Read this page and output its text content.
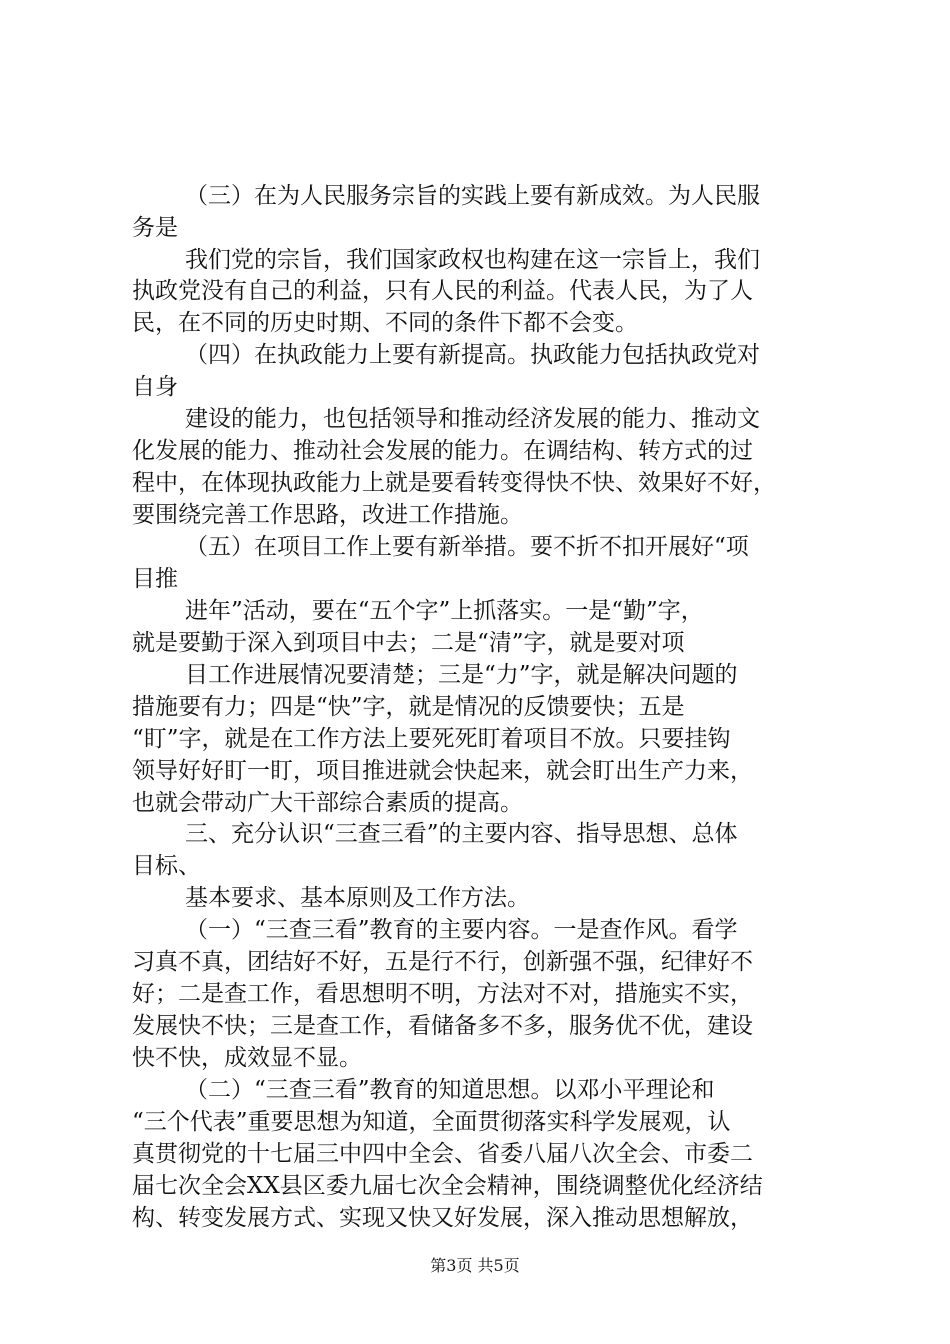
（三）在为人民服务宗旨的实践上要有新成效。为人民服
务是
我们党的宗旨，我们国家政权也构建在这一宗旨上，我们
执政党没有自己的利益，只有人民的利益。代表人民，为了人
民，在不同的历史时期、不同的条件下都不会变。
（四）在执政能力上要有新提高。执政能力包括执政党对
自身
建设的能力，也包括领导和推动经济发展的能力、推动文
化发展的能力、推动社会发展的能力。在调结构、转方式的过
程中，在体现执政能力上就是要看转变得快不快、效果好不好，
要围绕完善工作思路，改进工作措施。
（五）在项目工作上要有新举措。要不折不扣开展好“项
目推
进年”活动，要在“五个字”上抓落实。一是“勤”字，
就是要勤于深入到项目中去；二是“清”字，就是要对项
目工作进展情况要清楚；三是“力”字，就是解决问题的
措施要有力；四是“快”字，就是情况的反馈要快；五是
“盯”字，就是在工作方法上要死死盯着项目不放。只要挂钩
领导好好盯一盯，项目推进就会快起来，就会盯出生产力来，
也就会带动广大干部综合素质的提高。
三、充分认识“三查三看”的主要内容、指导思想、总体
目标、
基本要求、基本原则及工作方法。
（一）“三查三看”教育的主要内容。一是查作风。看学
习真不真，团结好不好，五是行不行，创新强不强，纪律好不
好；二是查工作，看思想明不明，方法对不对，措施实不实，
发展快不快；三是查工作，看储备多不多，服务优不优，建设
快不快，成效显不显。
（二）“三查三看”教育的知道思想。以邓小平理论和
“三个代表”重要思想为知道，全面贯彻落实科学发展观，认
真贯彻党的十七届三中四中全会、省委八届八次全会、市委二
届七次全会XX县区委九届七次全会精神，围绕调整优化经济结
构、转变发展方式、实现又快又好发展，深入推动思想解放，
第3页 共5页
